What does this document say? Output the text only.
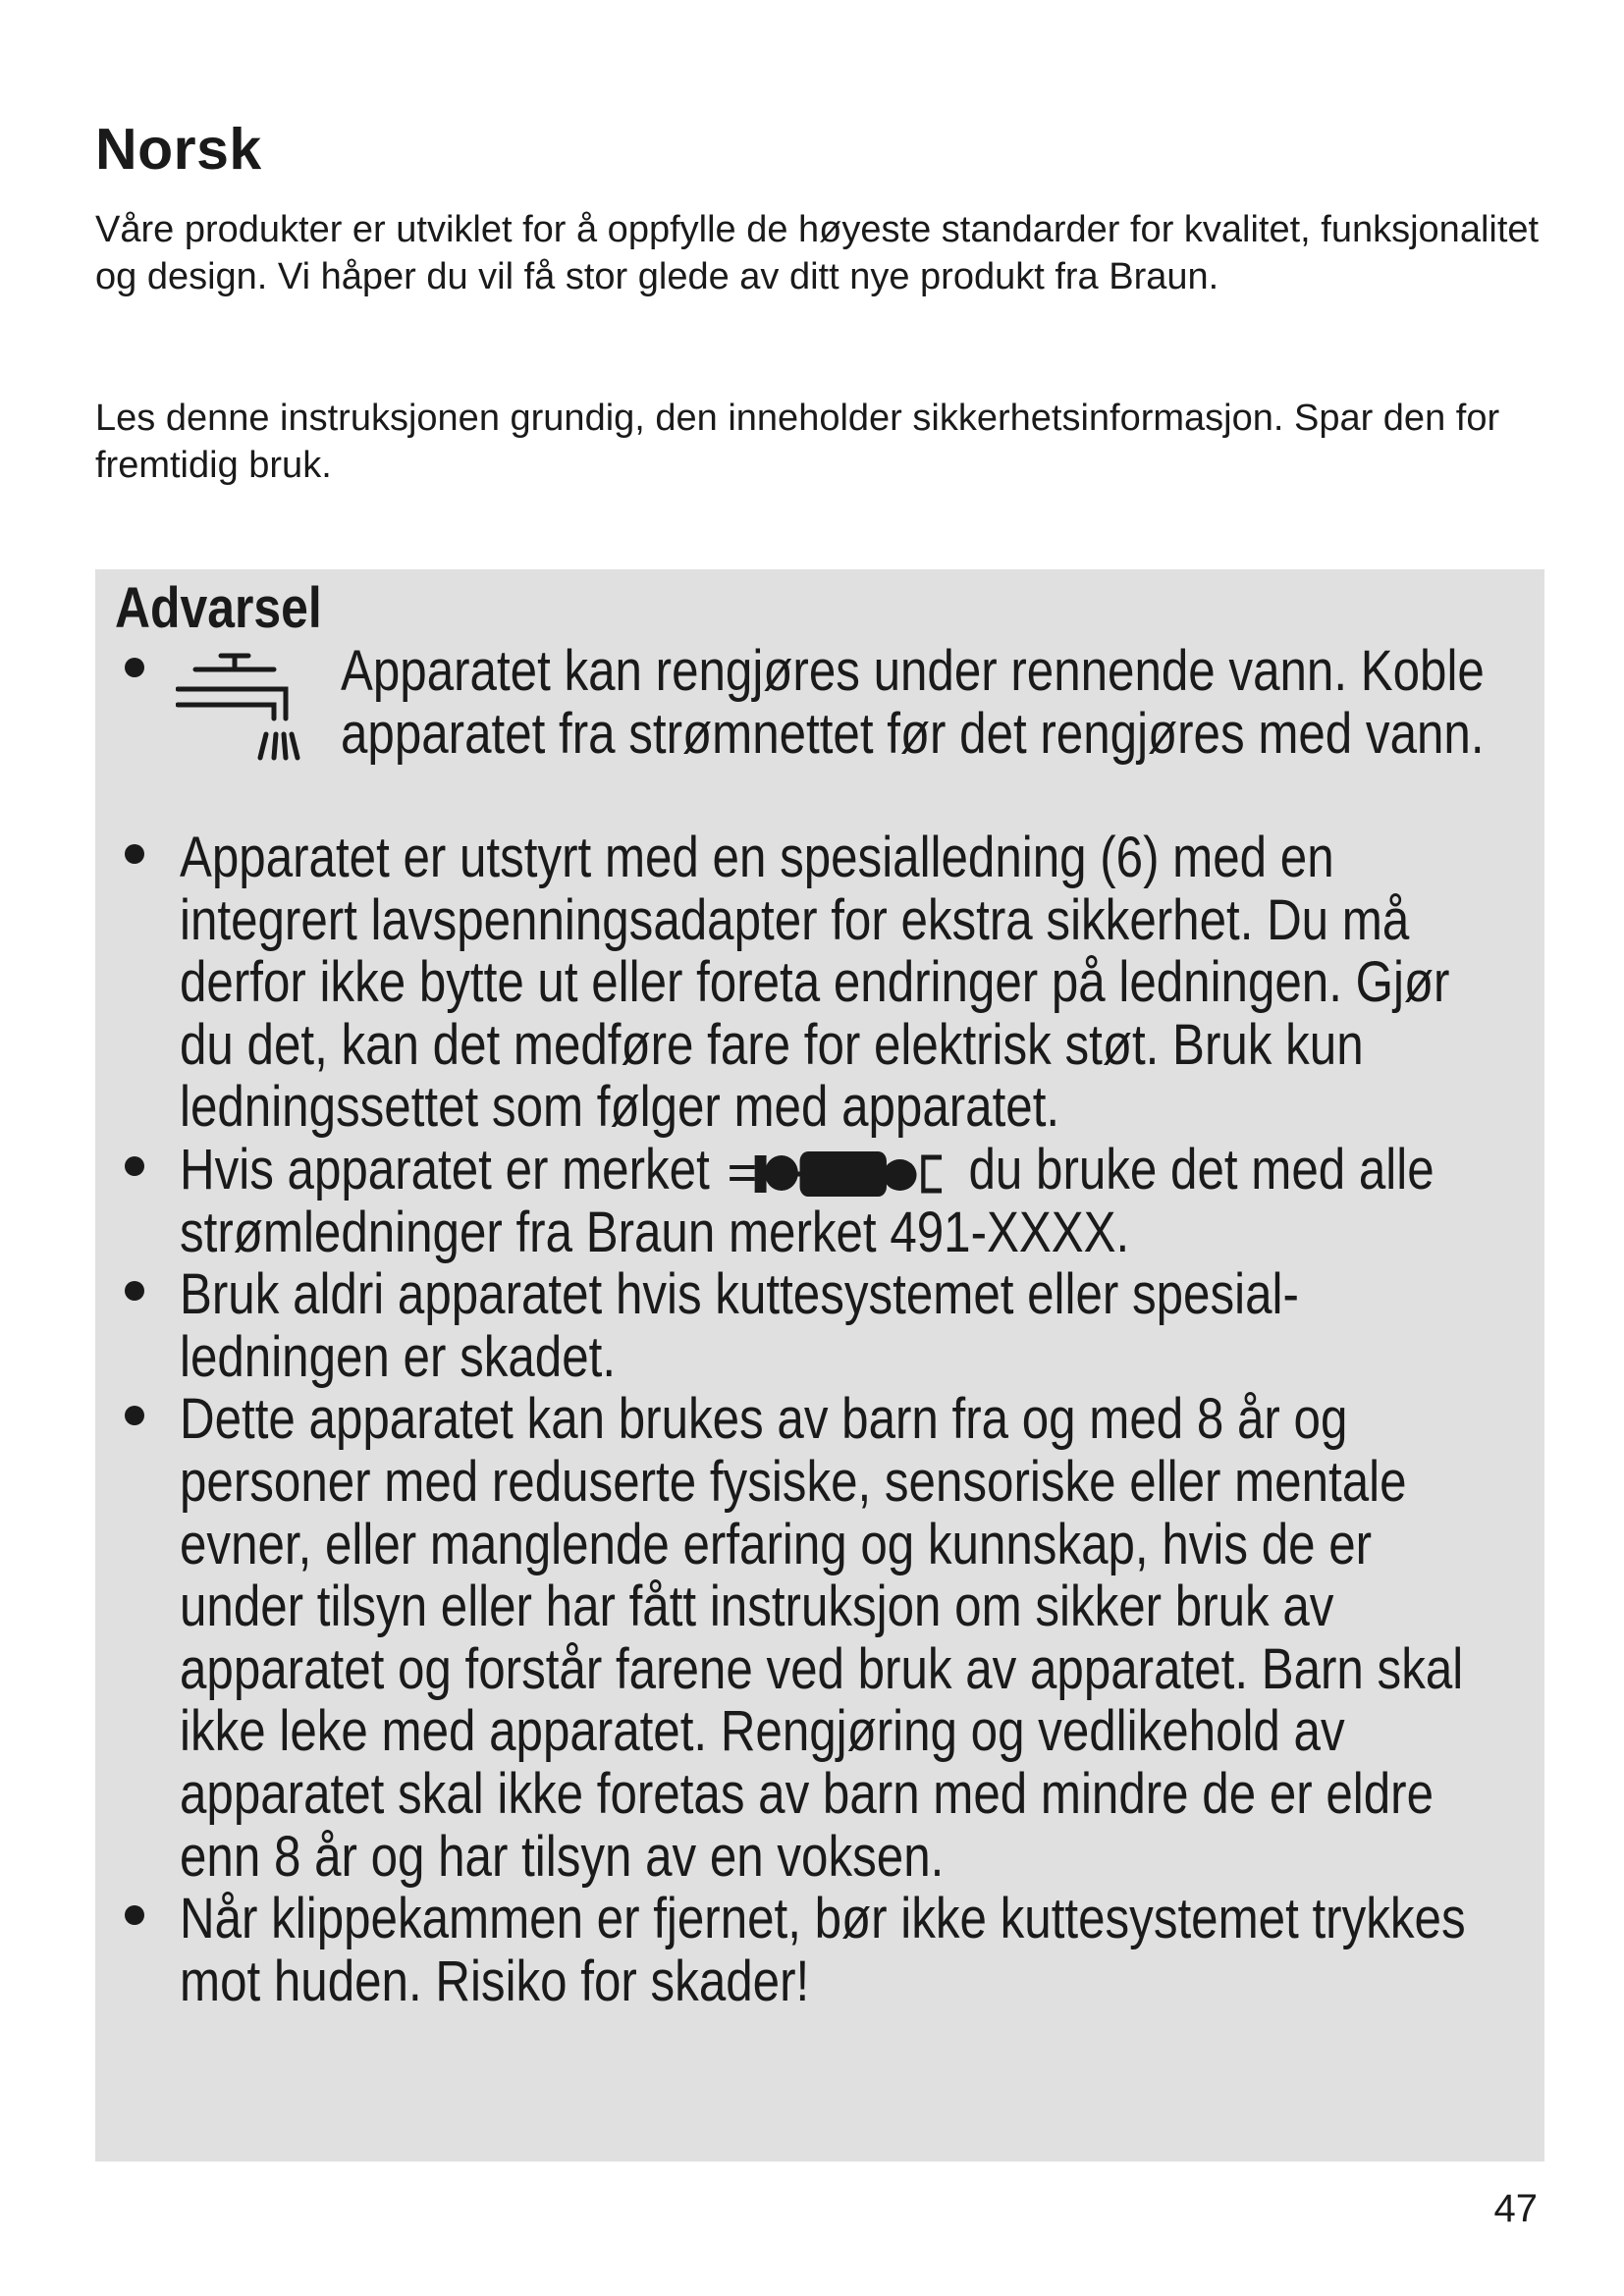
Norsk

Våre produkter er utviklet for å oppfylle de høyeste standarder for kvalitet, funksjonalitet og design. Vi håper du vil få stor glede av ditt nye produkt fra Braun.

Les denne instruksjonen grundig, den inneholder sikkerhetsinformasjon. Spar den for fremtidig bruk.

Advarsel
Apparatet kan rengjøres under rennende vann. Koble apparatet fra strømnettet før det rengjøres med vann.
Apparatet er utstyrt med en spesialledning (6) med en integrert lavspenningsadapter for ekstra sikkerhet. Du må derfor ikke bytte ut eller foreta endringer på ledningen. Gjør du det, kan det medføre fare for elektrisk støt. Bruk kun ledningssettet som følger med apparatet.
Hvis apparatet er merket	du bruke det med alle strømledninger fra Braun merket 491-XXXX.
Bruk aldri apparatet hvis kuttesystemet eller spesial-ledningen er skadet.
Dette apparatet kan brukes av barn fra og med 8 år og personer med reduserte fysiske, sensoriske eller mentale evner, eller manglende erfaring og kunnskap, hvis de er under tilsyn eller har fått instruksjon om sikker bruk av apparatet og forstår farene ved bruk av apparatet. Barn skal ikke leke med apparatet. Rengjøring og vedlikehold av apparatet skal ikke foretas av barn med mindre de er eldre enn 8 år og har tilsyn av en voksen.
Når klippekammen er fjernet, bør ikke kuttesystemet trykkes mot huden. Risiko for skader!

47
